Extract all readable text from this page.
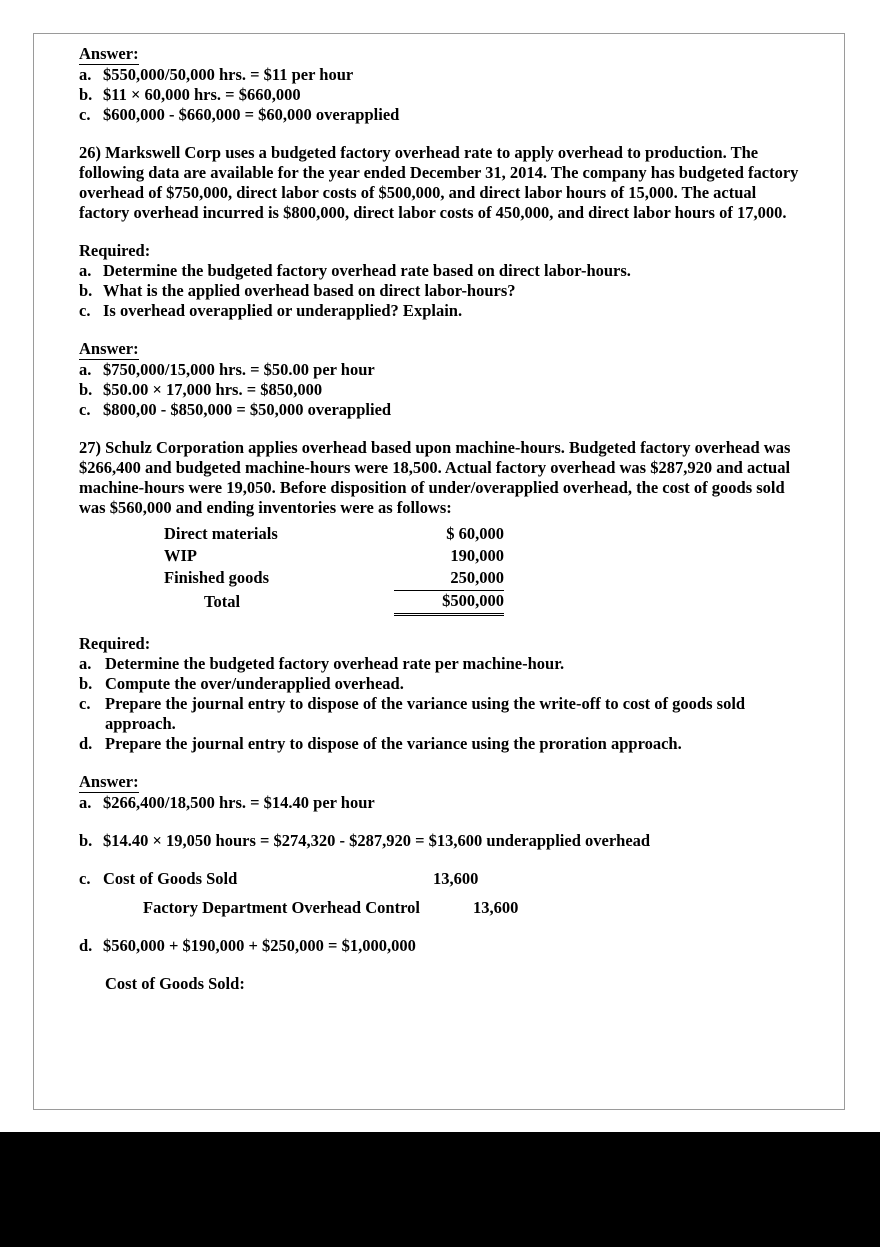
Answer:
a. $550,000/50,000 hrs. = $11 per hour
b. $11 × 60,000 hrs. = $660,000
c. $600,000 - $660,000 = $60,000 overapplied
26) Markswell Corp uses a budgeted factory overhead rate to apply overhead to production. The following data are available for the year ended December 31, 2014. The company has budgeted factory overhead of $750,000, direct labor costs of $500,000, and direct labor hours of 15,000. The actual factory overhead incurred is $800,000, direct labor costs of 450,000, and direct labor hours of 17,000.
Required:
a. Determine the budgeted factory overhead rate based on direct labor-hours.
b. What is the applied overhead based on direct labor-hours?
c. Is overhead overapplied or underapplied? Explain.
Answer:
a. $750,000/15,000 hrs. = $50.00 per hour
b. $50.00 × 17,000 hrs. = $850,000
c. $800,00 - $850,000 = $50,000 overapplied
27) Schulz Corporation applies overhead based upon machine-hours. Budgeted factory overhead was $266,400 and budgeted machine-hours were 18,500. Actual factory overhead was $287,920 and actual machine-hours were 19,050. Before disposition of under/overapplied overhead, the cost of goods sold was $560,000 and ending inventories were as follows:
Direct materials	$ 60,000
WIP	190,000
Finished goods	250,000
Total	$500,000
Required:
a. Determine the budgeted factory overhead rate per machine-hour.
b. Compute the over/underapplied overhead.
c. Prepare the journal entry to dispose of the variance using the write-off to cost of goods sold approach.
d. Prepare the journal entry to dispose of the variance using the proration approach.
Answer:
a. $266,400/18,500 hrs. = $14.40 per hour
b. $14.40 × 19,050 hours = $274,320 - $287,920 = $13,600 underapplied overhead
c. Cost of Goods Sold	13,600
Factory Department Overhead Control	13,600
d. $560,000 + $190,000 + $250,000 = $1,000,000
Cost of Goods Sold:
